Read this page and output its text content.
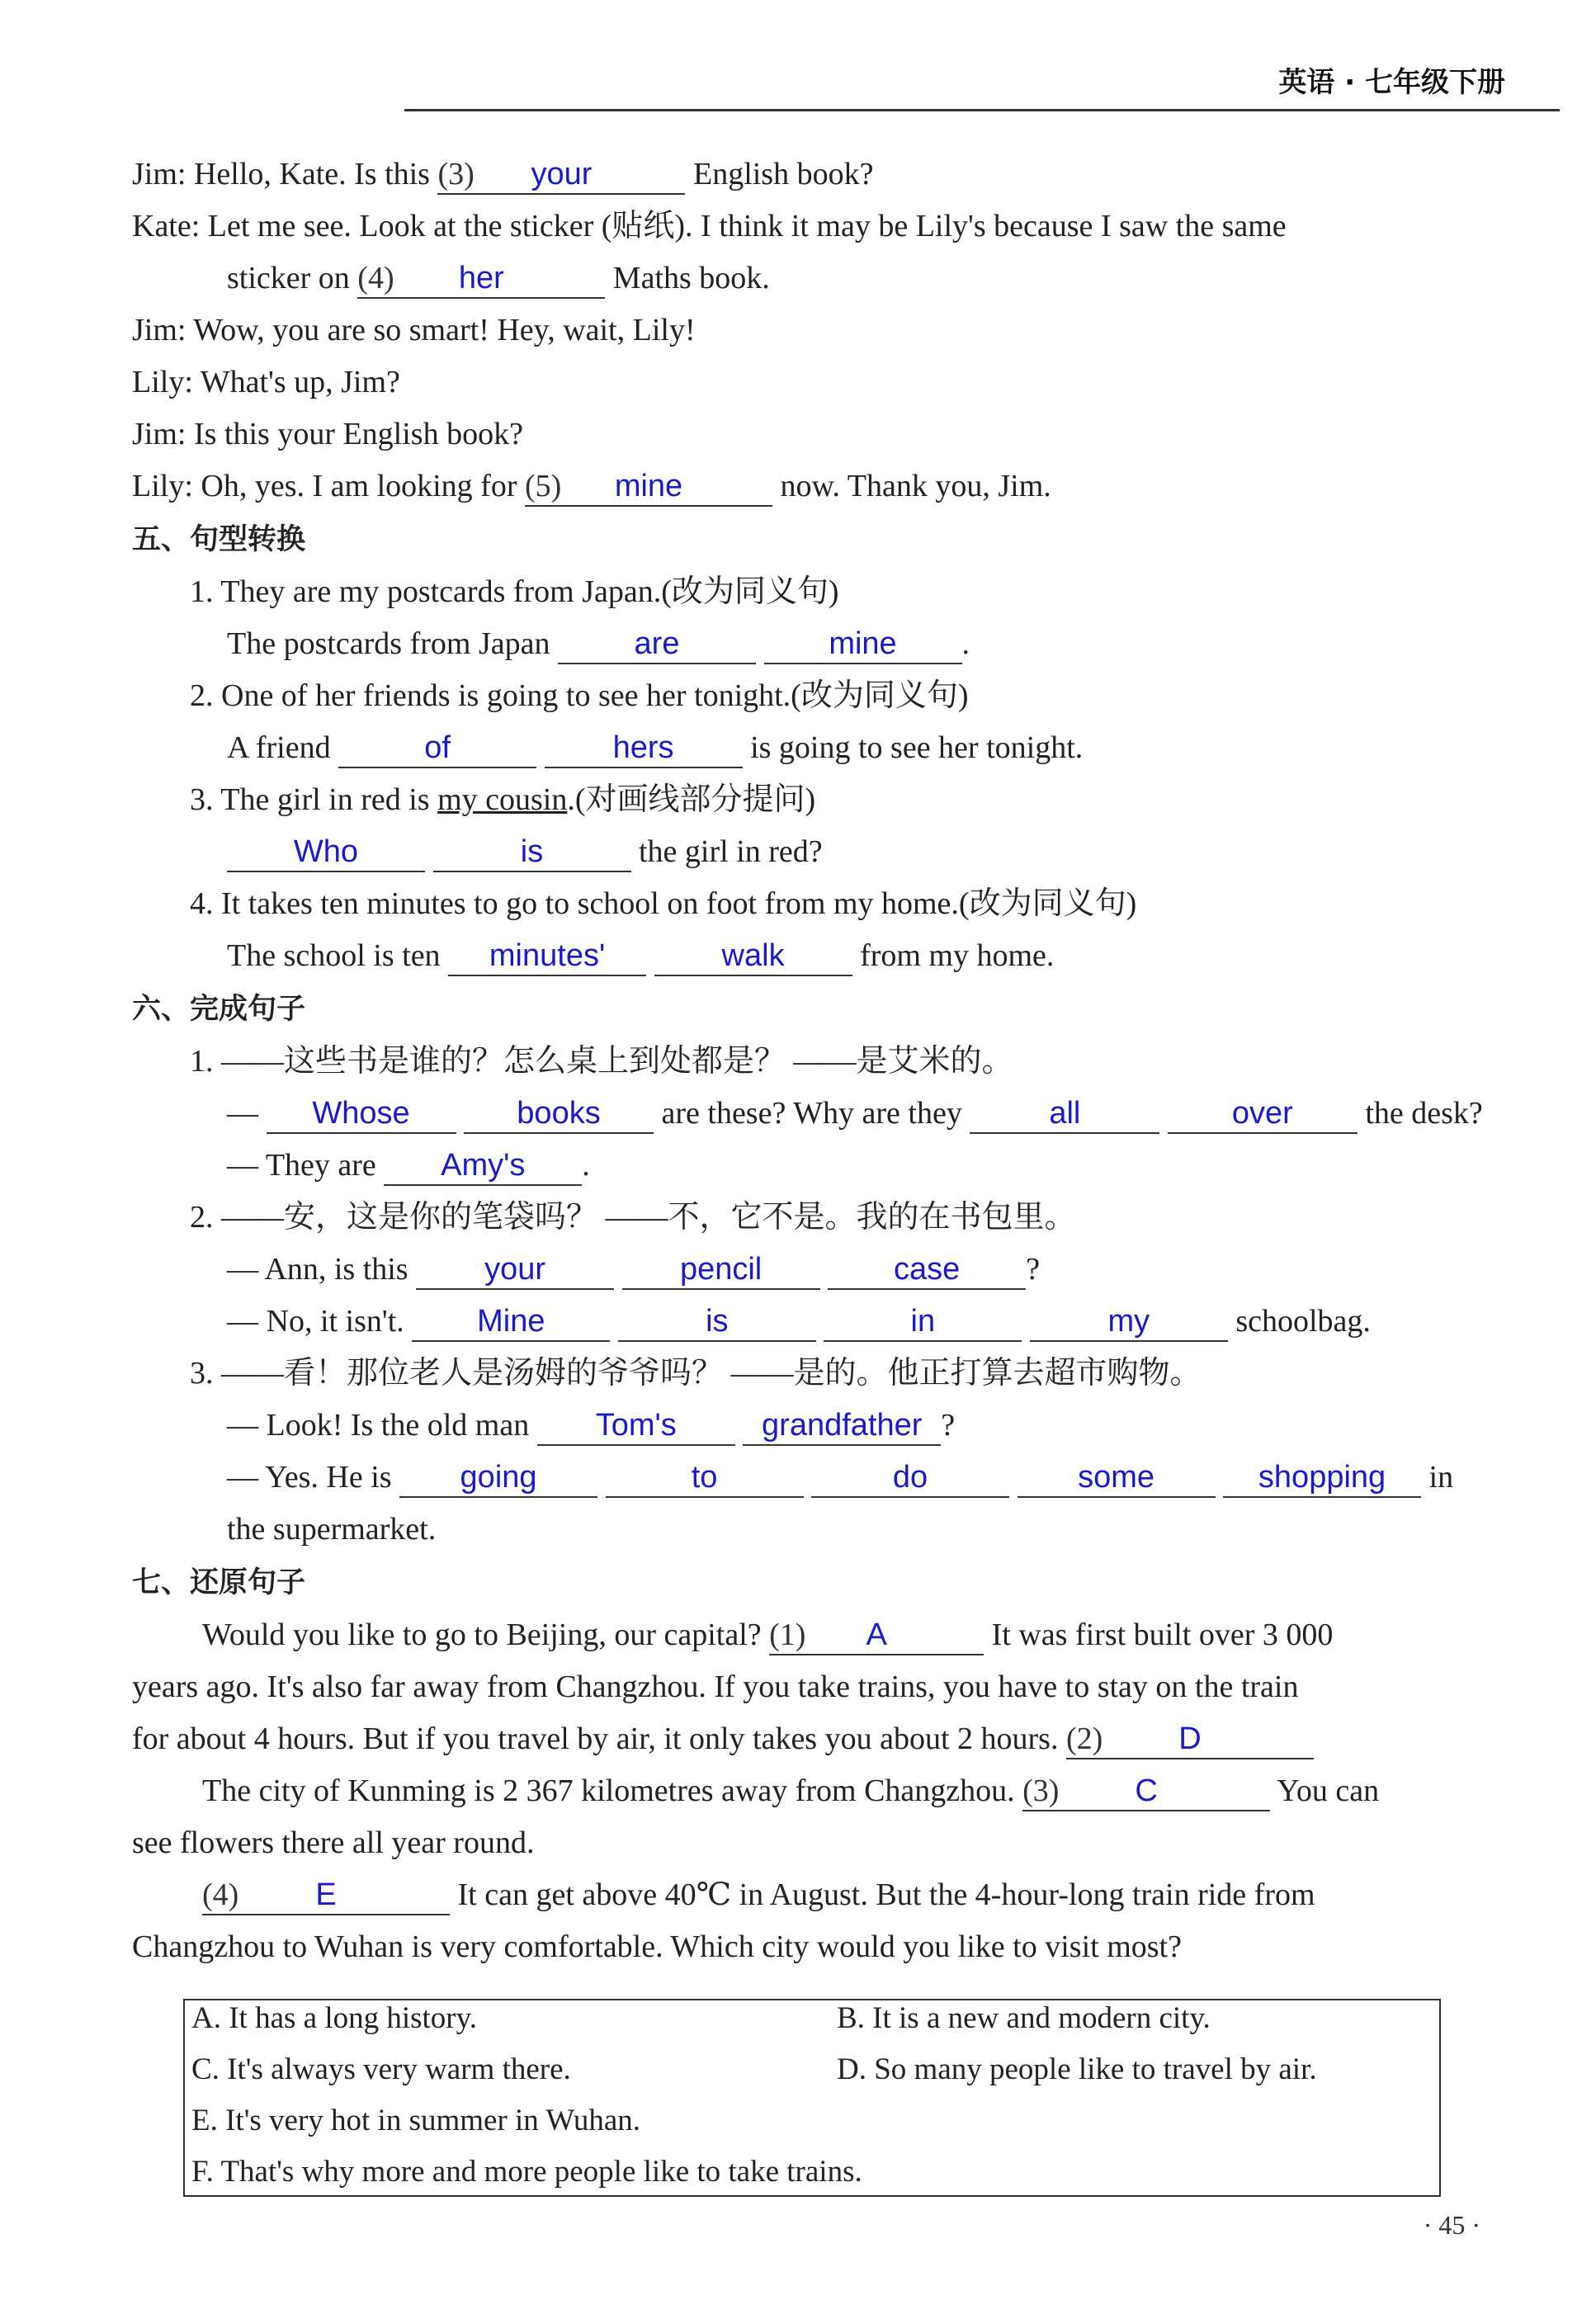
英语 · 七年级下册
Jim: Hello, Kate. Is this (3) your	English book?
Kate: Let me see. Look at the sticker (贴纸). I think it may be Lily's because I saw the same
sticker on (4) her	Maths book.
Jim: Wow, you are so smart! Hey, wait, Lily!
Lily: What's up, Jim?
Jim: Is this your English book?
Lily: Oh, yes. I am looking for (5) mine	now. Thank you, Jim.
五、句型转换
1. They are my postcards from Japan.(改为同义句)
The postcards from Japan	are	mine .
2. One of her friends is going to see her tonight.(改为同义句)
A friend	of	hers is going to see her tonight.
3. The girl in red is my cousin.(对画线部分提问)
Who	is	the girl in red?
4. It takes ten minutes to go to school on foot from my home.(改为同义句)
The school is ten minutes'	walk from my home.
六、完成句子
1. ——这些书是谁的？怎么桌上到处都是？ ——是艾米的。
— Whose	books are these? Why are they	all	over the desk?
— They are Amy's .
2. ——安，这是你的笔袋吗？ ——不，它不是。我的在书包里。
— Ann, is this your	pencil	case ?
— No, it isn't. Mine	is	in	my	schoolbag.
3. ——看！那位老人是汤姆的爷爷吗？ ——是的。他正打算去超市购物。
— Look! Is the old man Tom's	grandfather ?
— Yes. He is going	to	do	some	shopping in
the supermarket.
七、还原句子
Would you like to go to Beijing, our capital? (1) A	It was first built over 3 000
years ago. It's also far away from Changzhou. If you take trains, you have to stay on the train
for about 4 hours. But if you travel by air, it only takes you about 2 hours. (2) D
The city of Kunming is 2 367 kilometres away from Changzhou. (3) C	You can
see flowers there all year round.
(4) E	It can get above 40℃ in August. But the 4-hour-long train ride from
Changzhou to Wuhan is very comfortable. Which city would you like to visit most?
A. It has a long history.	B. It is a new and modern city.
C. It's always very warm there.	D. So many people like to travel by air.
E. It's very hot in summer in Wuhan.
F. That's why more and more people like to take trains.
· 45 ·
